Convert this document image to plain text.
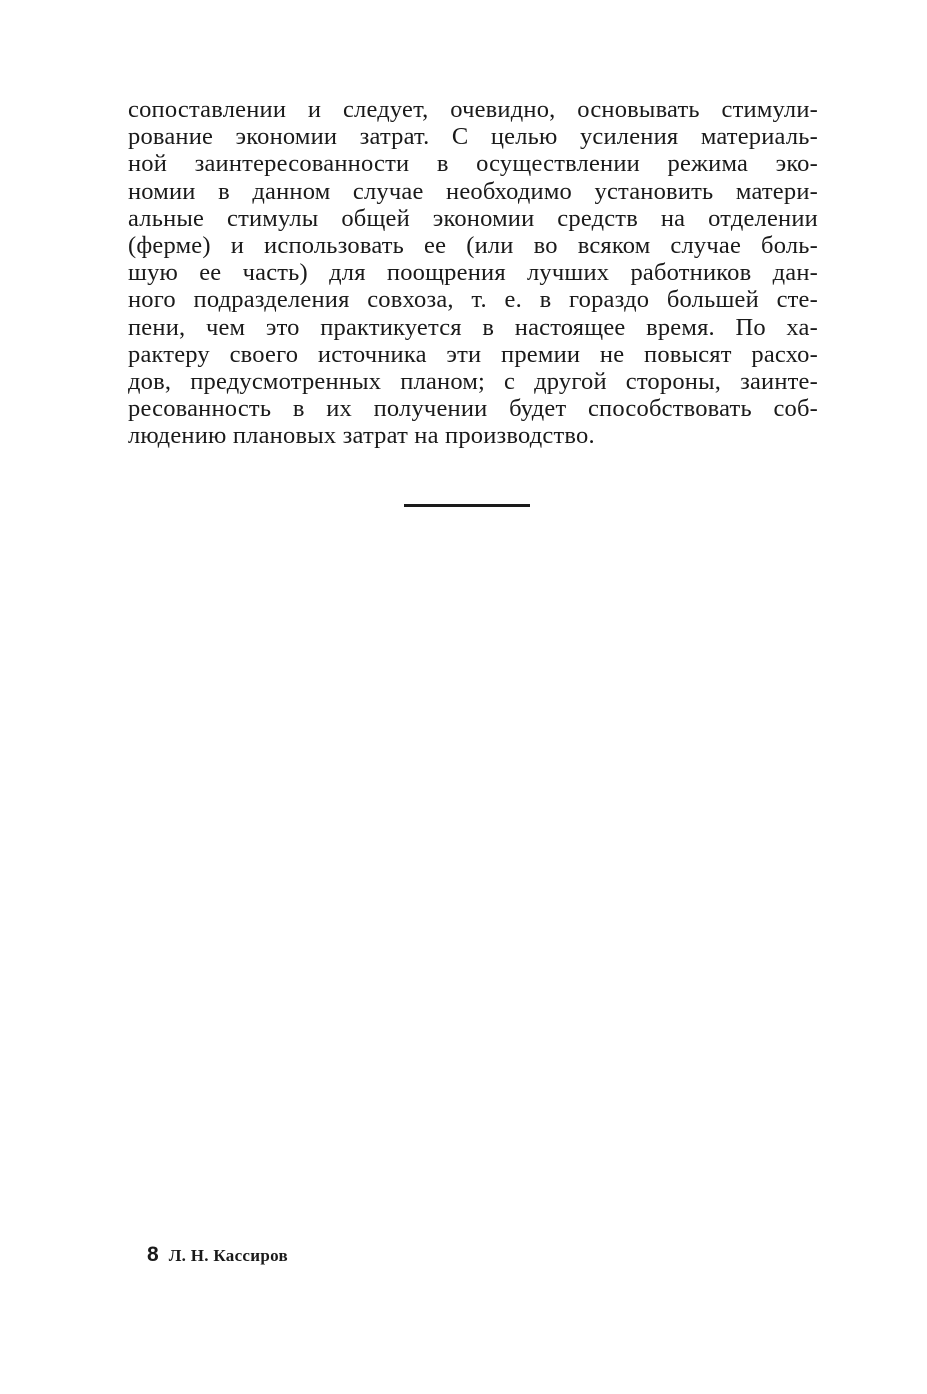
сопоставлении и следует, очевидно, основывать стимули-
рование экономии затрат. С целью усиления материаль-
ной заинтересованности в осуществлении режима эко-
номии в данном случае необходимо установить матери-
альные стимулы общей экономии средств на отделении
(ферме) и использовать ее (или во всяком случае боль-
шую ее часть) для поощрения лучших работников дан-
ного подразделения совхоза, т. е. в гораздо большей сте-
пени, чем это практикуется в настоящее время. По ха-
рактеру своего источника эти премии не повысят расхо-
дов, предусмотренных планом; с другой стороны, заинте-
ресованность в их получении будет способствовать соб-
людению плановых затрат на производство.
8 Л. Н. Кассиров
